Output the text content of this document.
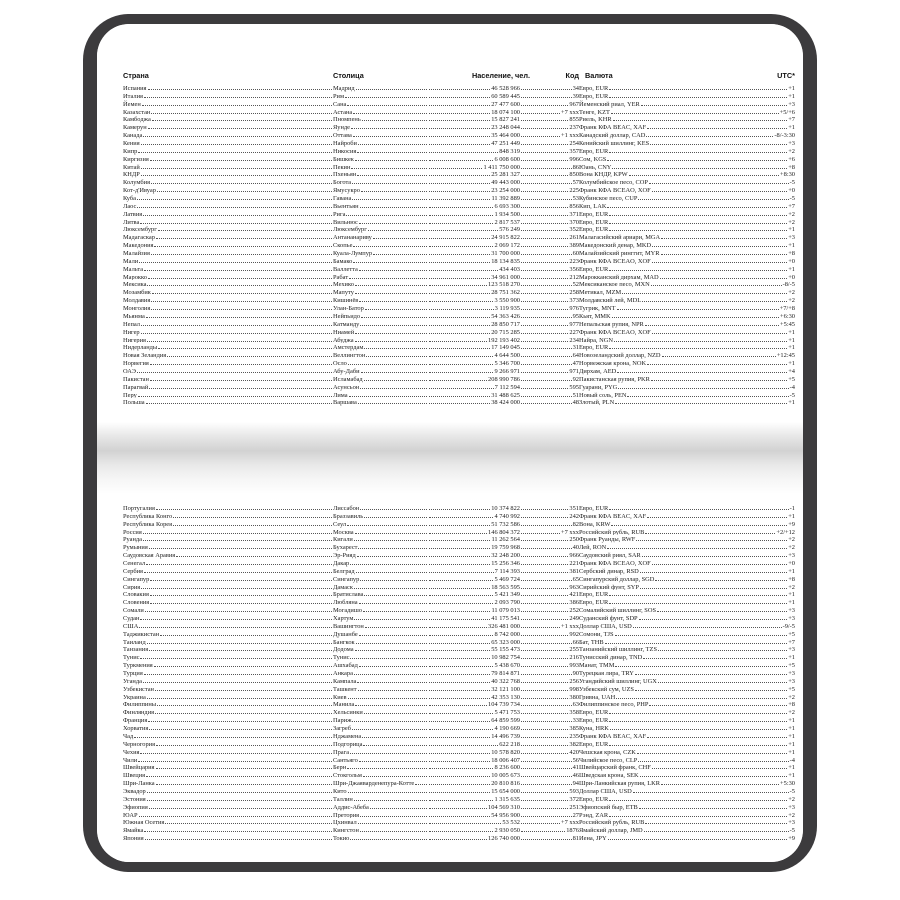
Страна	Столица	Население, чел.	Код Валюта	UTC*
Испания	Мадрид	46 528 966	34 Евро, EUR	+1
Италия	Рим	60 589 445	39 Евро, EUR	+1
Йемен	Сана	27 477 600	967 Йеменский риал, YER	+3
Казахстан	Астана	18 074 100	+7 xxx Тенге, KZT	+5/+6
Камбоджа	Пномпень	15 827 241	855 Риель, KHR	+7
Камерун	Яунде	23 248 044	237 Франк КФА BEAC, XAF	+1
Канада	Оттава	35 464 000	+1 xxx Канадский доллар, CAD	-8/-3:30
Кения	Найроби	47 251 449	254 Кенийский шиллинг, KES	+3
Кипр	Никосия	848 319	357 Евро, EUR	+2
Киргизия	Бишкек	6 008 600	996 Сом, KGS	+6
Китай	Пекин	1 411 750 000	86 Юань, CNY	+8
КНДР	Пхеньян	25 281 327	850 Вона КНДР, KPW	+8:30
Колумбия	Богота	49 443 000	57 Колумбийское песо, COP	-5
Кот-д'Ивуар	Ямусукро	23 254 000	225 Франк КФА BCEAO, XOF	+0
Куба	Гавана	11 392 889	53 Кубинское песо, CUP	-5
Лаос	Вьентьян	6 693 300	856 Кип, LAK	+7
Латвия	Рига	1 934 500	371 Евро, EUR	+2
Литва	Вильнюс	2 817 537	370 Евро, EUR	+2
Люксембург	Люксембург	576 249	352 Евро, EUR	+1
Мадагаскар	Антананариву	24 915 822	261 Малагасийский ариари, MGA	+3
Македония	Скопье	2 069 172	389 Македонский денар, MKD	+1
Малайзия	Куала-Лумпур	31 700 000	60 Малайзийский ринггит, MYR	+8
Мали	Бамако	18 134 835	223 Франк КФА BCEAO, XOF	+0
Мальта	Валлетта	434 403	356 Евро, EUR	+1
Марокко	Рабат	34 961 000	212 Марокканский дирхам, MAD	+0
Мексика	Мехико	123 518 270	52 Мексиканское песо, MXN	-8/-5
Мозамбик	Мапуту	28 751 362	258 Метикал, MZM	+2
Молдавия	Кишинёв	3 550 900	373 Молдавский лей, MDL	+2
Монголия	Улан-Батор	3 119 935	976 Тугрик, MNT	+7/+8
Мьянма	Нейпьидо	54 363 426	95 Кьят, MMK	+6:30
Непал	Катманду	28 850 717	977 Непальская рупия, NPR	+5:45
Нигер	Ниамей	20 715 285	227 Франк КФА BCEAO, XOF	+1
Нигерия	Абуджа	192 193 402	234 Найра, NGN	+1
Нидерланды	Амстердам	17 149 045	31 Евро, EUR	+1
Новая Зеландия	Веллингтон	4 644 500	64 Новозеландский доллар, NZD	+12:45
Норвегия	Осло	5 346 700	47 Норвежская крона, NOK	+1
ОАЭ	Абу-Даби	9 266 971	971 Дирхам, AED	+4
Пакистан	Исламабад	208 990 786	92 Пакистанская рупия, PKR	+5
Парагвай	Асунсьон	7 112 594	595 Гуарани, PYG	-4
Перу	Лима	31 488 625	51 Новый соль, PEN	-5
Польша	Варшава	38 424 000	48 Злотый, PLN	+1
Португалия	Лиссабон	10 374 822	351 Евро, EUR	-1
Республика Конго	Браззавиль	4 740 992	242 Франк КФА BEAC, XAF	+1
Республика Корея	Сеул	51 732 586	82 Вона, KRW	+9
Россия	Москва	146 804 372	+7 xxx Российский рубль, RUB	+2/+12
Руанда	Кигали	11 262 564	250 Франк Руанды, RWF	+2
Румыния	Бухарест	19 759 968	40 Лей, RON	+2
Саудовская Аравия	Эр-Рияд	32 248 200	966 Саудовский риял, SAR	+3
Сенегал	Дакар	15 256 346	221 Франк КФА BCEAO, XOF	+0
Сербия	Белград	7 114 393	381 Сербский динар, RSD	+1
Сингапур	Сингапур	5 469 724	65 Сингапурский доллар, SGD	+8
Сирия	Дамаск	18 563 595	963 Сирийский фунт, SYP	+2
Словакия	Братислава	5 421 349	421 Евро, EUR	+1
Словения	Любляна	2 093 790	386 Евро, EUR	+1
Сомали	Могадишо	11 079 013	252 Сомалийский шиллинг, SOS	+3
Судан	Хартум	41 175 541	249 Суданский фунт, SDP	+3
США	Вашингтон	326 481 000	+1 xxx Доллар США, USD	-9/-5
Таджикистан	Душанбе	8 742 000	992 Сомони, TJS	+5
Таиланд	Бангкок	65 323 000	66 Бат, THB	+7
Танзания	Додома	55 155 473	255 Танзанийский шиллинг, TZS	+3
Тунис	Тунис	10 982 754	216 Тунисский динар, TND	+1
Туркмения	Ашхабад	5 438 670	993 Манат, TMM	+5
Турция	Анкара	79 814 871	90 Турецкая лира, TRY	+3
Уганда	Кампала	40 322 768	256 Угандийский шиллинг, UGX	+3
Узбекистан	Ташкент	32 121 100	998 Узбекский сум, UZS	+5
Украина	Киев	42 353 130	380 Гривна, UAH	+2
Филиппины	Манила	104 739 734	63 Филиппинское песо, PHP	+8
Финляндия	Хельсинки	5 471 753	358 Евро, EUR	+2
Франция	Париж	64 859 599	33 Евро, EUR	+1
Хорватия	Загреб	4 190 669	385 Куна, HRK	+1
Чад	Нджамена	14 496 739	235 Франк КФА BEAC, XAF	+1
Черногория	Подгорица	622 218	382 Евро, EUR	+1
Чехия	Прага	10 578 820	420 Чешская крона, CZK	+1
Чили	Сантьяго	18 006 407	56 Чилийское песо, CLP	-4
Швейцария	Берн	8 236 600	41 Швейцарский франк, CHF	+1
Швеция	Стокгольм	10 005 673	46 Шведская крона, SEK	+1
Шри-Ланка	Шри-Джаяварденепура-Котте	20 810 816	94 Шри-Ланкийская рупия, LKR	+5:30
Эквадор	Кито	15 654 000	593 Доллар США, USD	-5
Эстония	Таллин	1 315 635	372 Евро, EUR	+2
Эфиопия	Аддис-Абеба	104 569 310	251 Эфиопский быр, ETB	+3
ЮАР	Претория	54 956 900	27 Рэнд, ZAR	+2
Южная Осетия	Цхинвал	53 532	+7 xxx Российский рубль, RUB	+3
Ямайка	Кингстон	2 930 050	1876 Ямайский доллар, JMD	-5
Япония	Токио	126 740 000	81 Иена, JPY	+9
